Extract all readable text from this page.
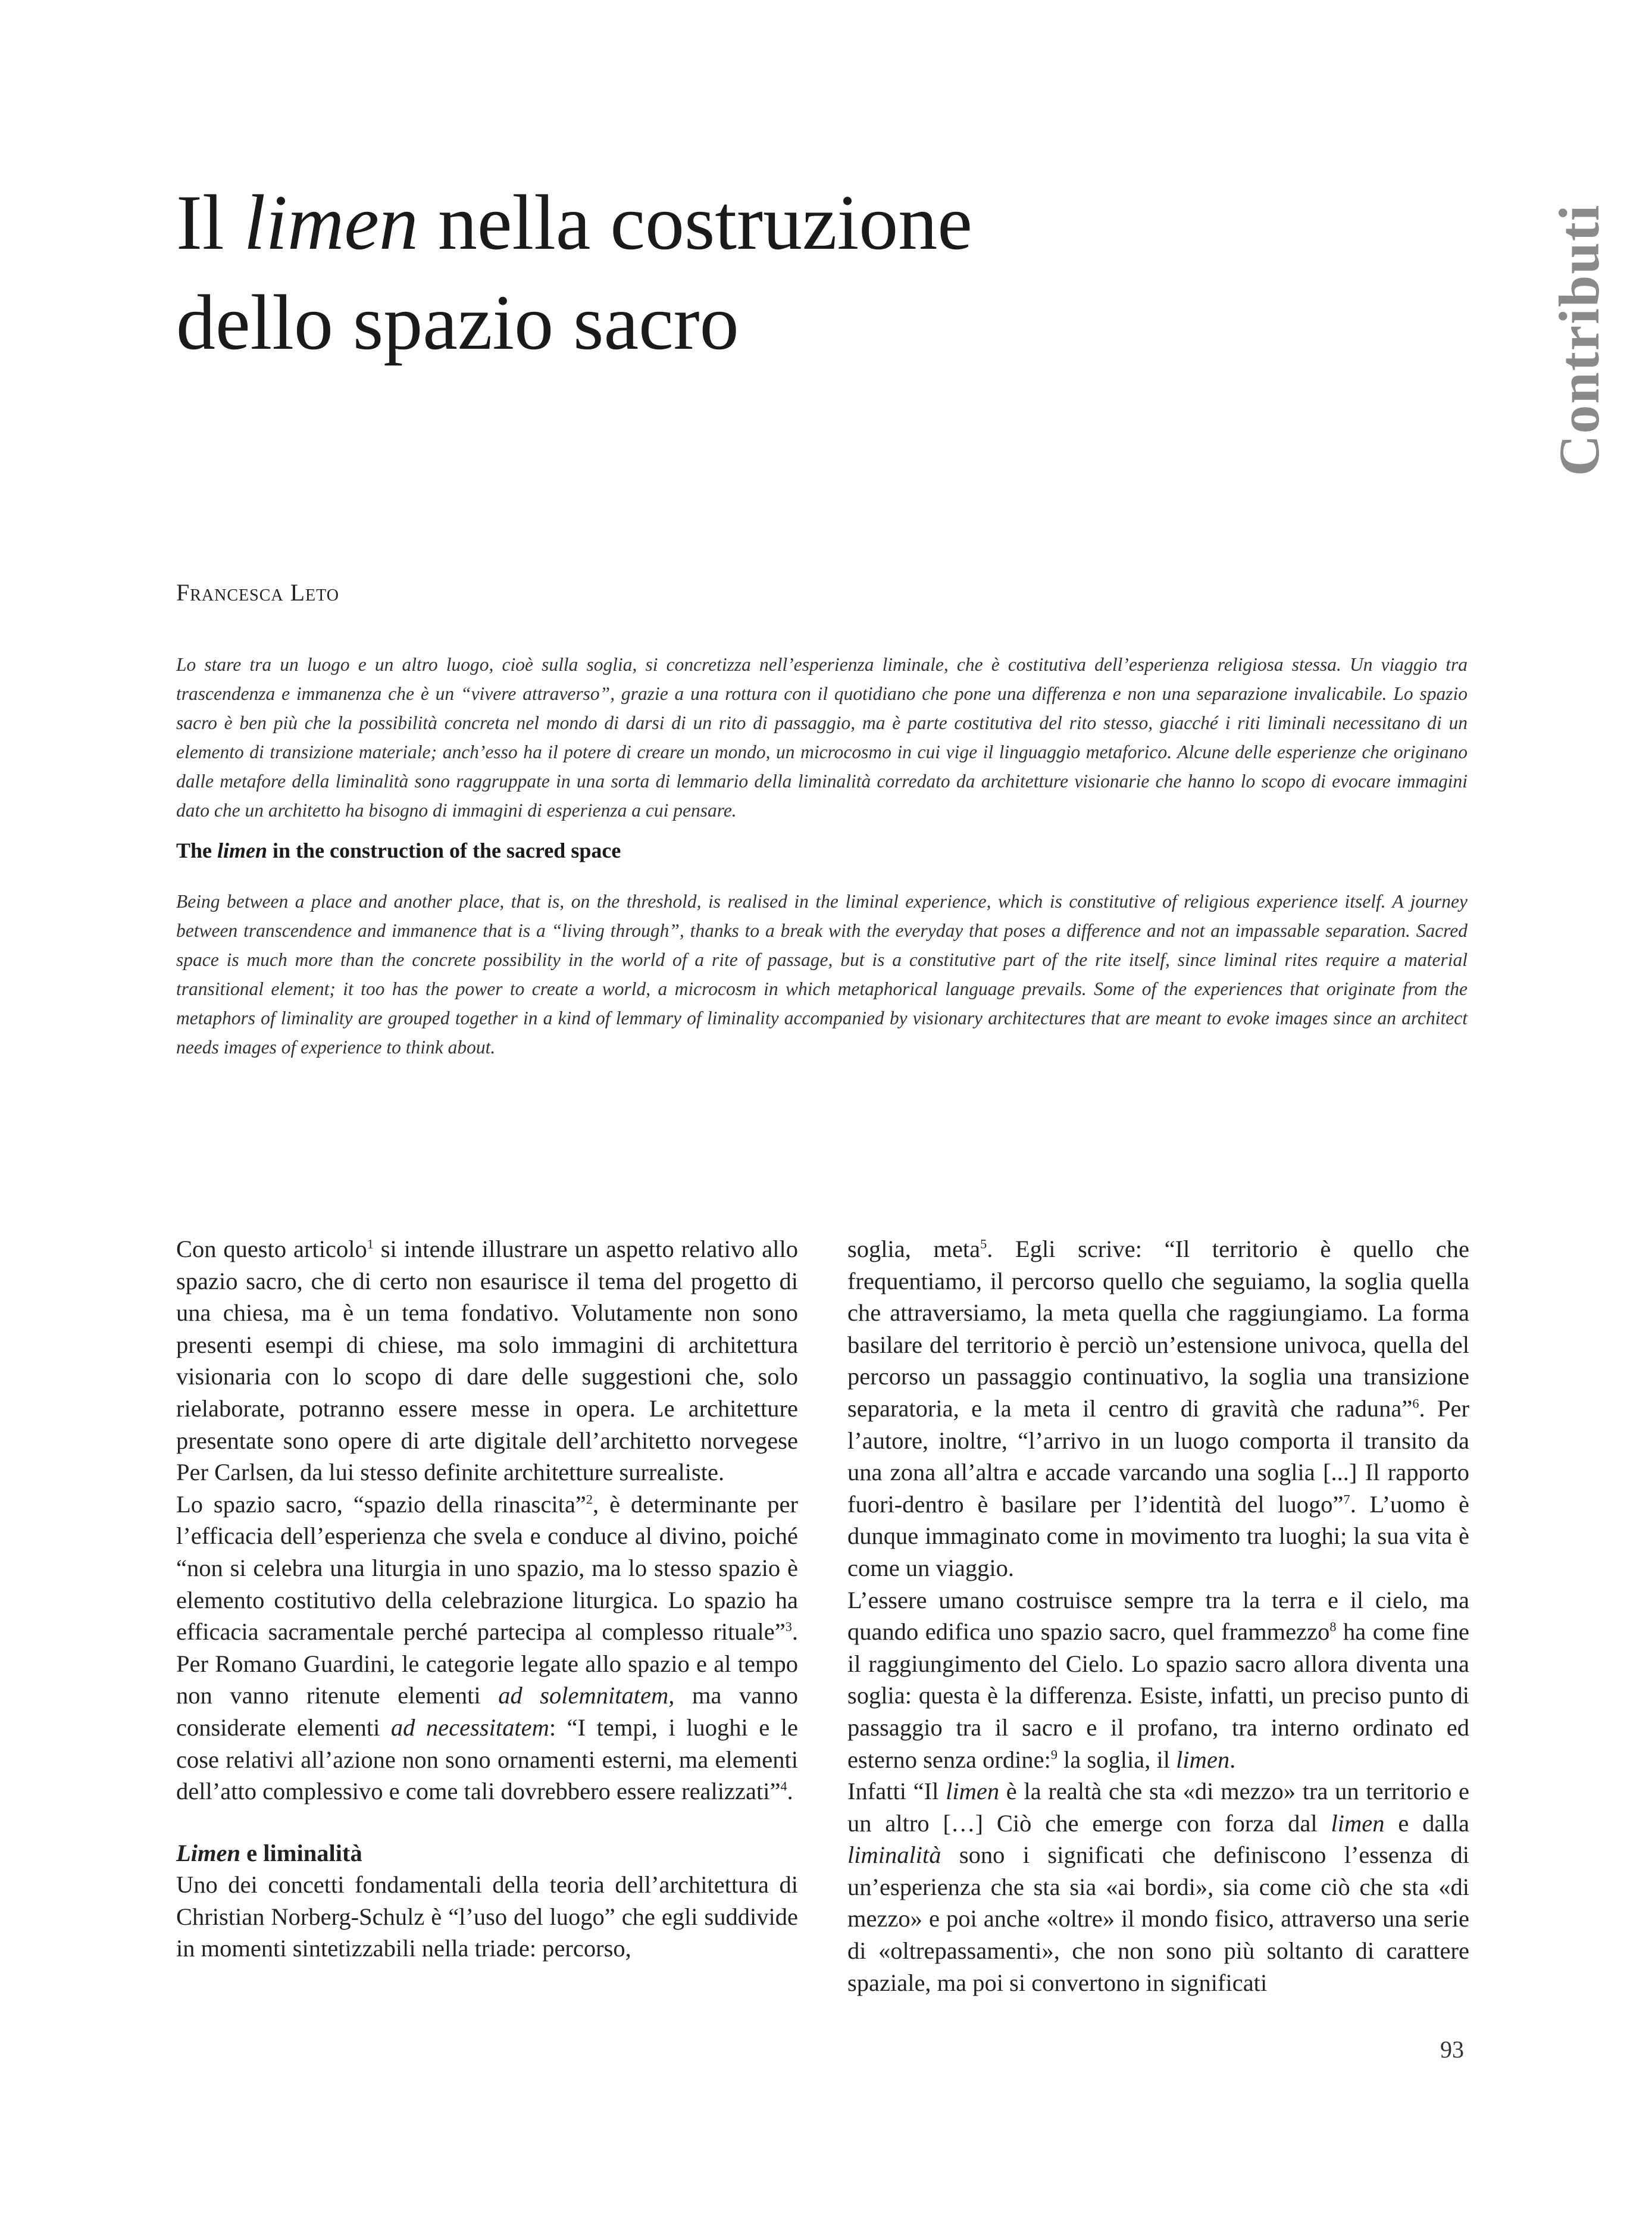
Il limen nella costruzione
dello spazio sacro	Contributi
Francesca Leto

Lo stare tra un luogo e un altro luogo, cioè sulla soglia, si concretizza nell’esperienza liminale, che è costitutiva dell’esperienza religiosa stessa. Un viaggio tra trascendenza e immanenza che è un “vivere attraverso”, grazie a una rottura con il quotidiano che pone una differenza e non una separazione invalicabile. Lo spazio sacro è ben più che la possibilità concreta nel mondo di darsi di un rito di passaggio, ma è parte costitutiva del rito stesso, giacché i riti liminali necessitano di un elemento di transizione materiale; anch’esso ha il potere di creare un mondo, un microcosmo in cui vige il linguaggio metaforico. Alcune delle esperienze che originano dalle metafore della liminalità sono raggruppate in una sorta di lemmario della liminalità corredato da architetture visionarie che hanno lo scopo di evocare immagini dato che un architetto ha bisogno di immagini di esperienza a cui pensare.

The limen in the construction of the sacred space

Being between a place and another place, that is, on the threshold, is realised in the liminal experience, which is constitutive of religious experience itself. A journey between transcendence and immanence that is a “living through”, thanks to a break with the everyday that poses a difference and not an impassable separation. Sacred space is much more than the concrete possibility in the world of a rite of passage, but is a constitutive part of the rite itself, since liminal rites require a material transitional element; it too has the power to create a world, a microcosm in which metaphorical language prevails. Some of the experiences that originate from the metaphors of liminality are grouped together in a kind of lemmary of liminality accompanied by visionary architectures that are meant to evoke images since an architect needs images of experience to think about.

Con questo articolo$^1$ si intende illustrare un aspetto relativo allo spazio sacro, che di certo non esaurisce il tema del progetto di una chiesa, ma è un tema fondativo. Volutamente non sono presenti esempi di chiese, ma solo immagini di architettura visionaria con lo scopo di dare delle suggestioni che, solo rielaborate, potranno essere messe in opera. Le architetture presentate sono opere di arte digitale dell’architetto norvegese Per Carlsen, da lui stesso definite architetture surrealiste.

Lo spazio sacro, “spazio della rinascita”$^2$, è determinante per l’efficacia dell’esperienza che svela e conduce al divino, poiché “non si celebra una liturgia in uno spazio, ma lo stesso spazio è elemento costitutivo della celebrazione liturgica. Lo spazio ha efficacia sacramentale perché partecipa al complesso rituale”$^3$. Per Romano Guardini, le categorie legate allo spazio e al tempo non vanno ritenute elementi ad solemnitatem, ma vanno considerate elementi ad necessitatem: “I tempi, i luoghi e le cose relativi all’azione non sono ornamenti esterni, ma elementi dell’atto complessivo e come tali dovrebbero essere realizzati”$^4$.

Limen e liminalità

Uno dei concetti fondamentali della teoria dell’architettura di Christian Norberg-Schulz è “l’uso del luogo” che egli suddivide in momenti sintetizzabili nella triade: percorso,

soglia, meta$^5$. Egli scrive: “Il territorio è quello che frequentiamo, il percorso quello che seguiamo, la soglia quella che attraversiamo, la meta quella che raggiungiamo. La forma basilare del territorio è perciò un’estensione univoca, quella del percorso un passaggio continuativo, la soglia una transizione separatoria, e la meta il centro di gravità che raduna”$^6$. Per l’autore, inoltre, “l’arrivo in un luogo comporta il transito da una zona all’altra e accade varcando una soglia [...] Il rapporto fuori-dentro è basilare per l’identità del luogo”$^7$. L’uomo è dunque immaginato come in movimento tra luoghi; la sua vita è come un viaggio.

L’essere umano costruisce sempre tra la terra e il cielo, ma quando edifica uno spazio sacro, quel frammezzo$^8$ ha come fine il raggiungimento del Cielo. Lo spazio sacro allora diventa una soglia: questa è la differenza. Esiste, infatti, un preciso punto di passaggio tra il sacro e il profano, tra interno ordinato ed esterno senza ordine:$^9$ la soglia, il limen.

Infatti “Il limen è la realtà che sta «di mezzo» tra un territorio e un altro […] Ciò che emerge con forza dal limen e dalla liminalità sono i significati che definiscono l’essenza di un’esperienza che sta sia «ai bordi», sia come ciò che sta «di mezzo» e poi anche «oltre» il mondo fisico, attraverso una serie di «oltrepassamenti», che non sono più soltanto di carattere spaziale, ma poi si convertono in significati

93
